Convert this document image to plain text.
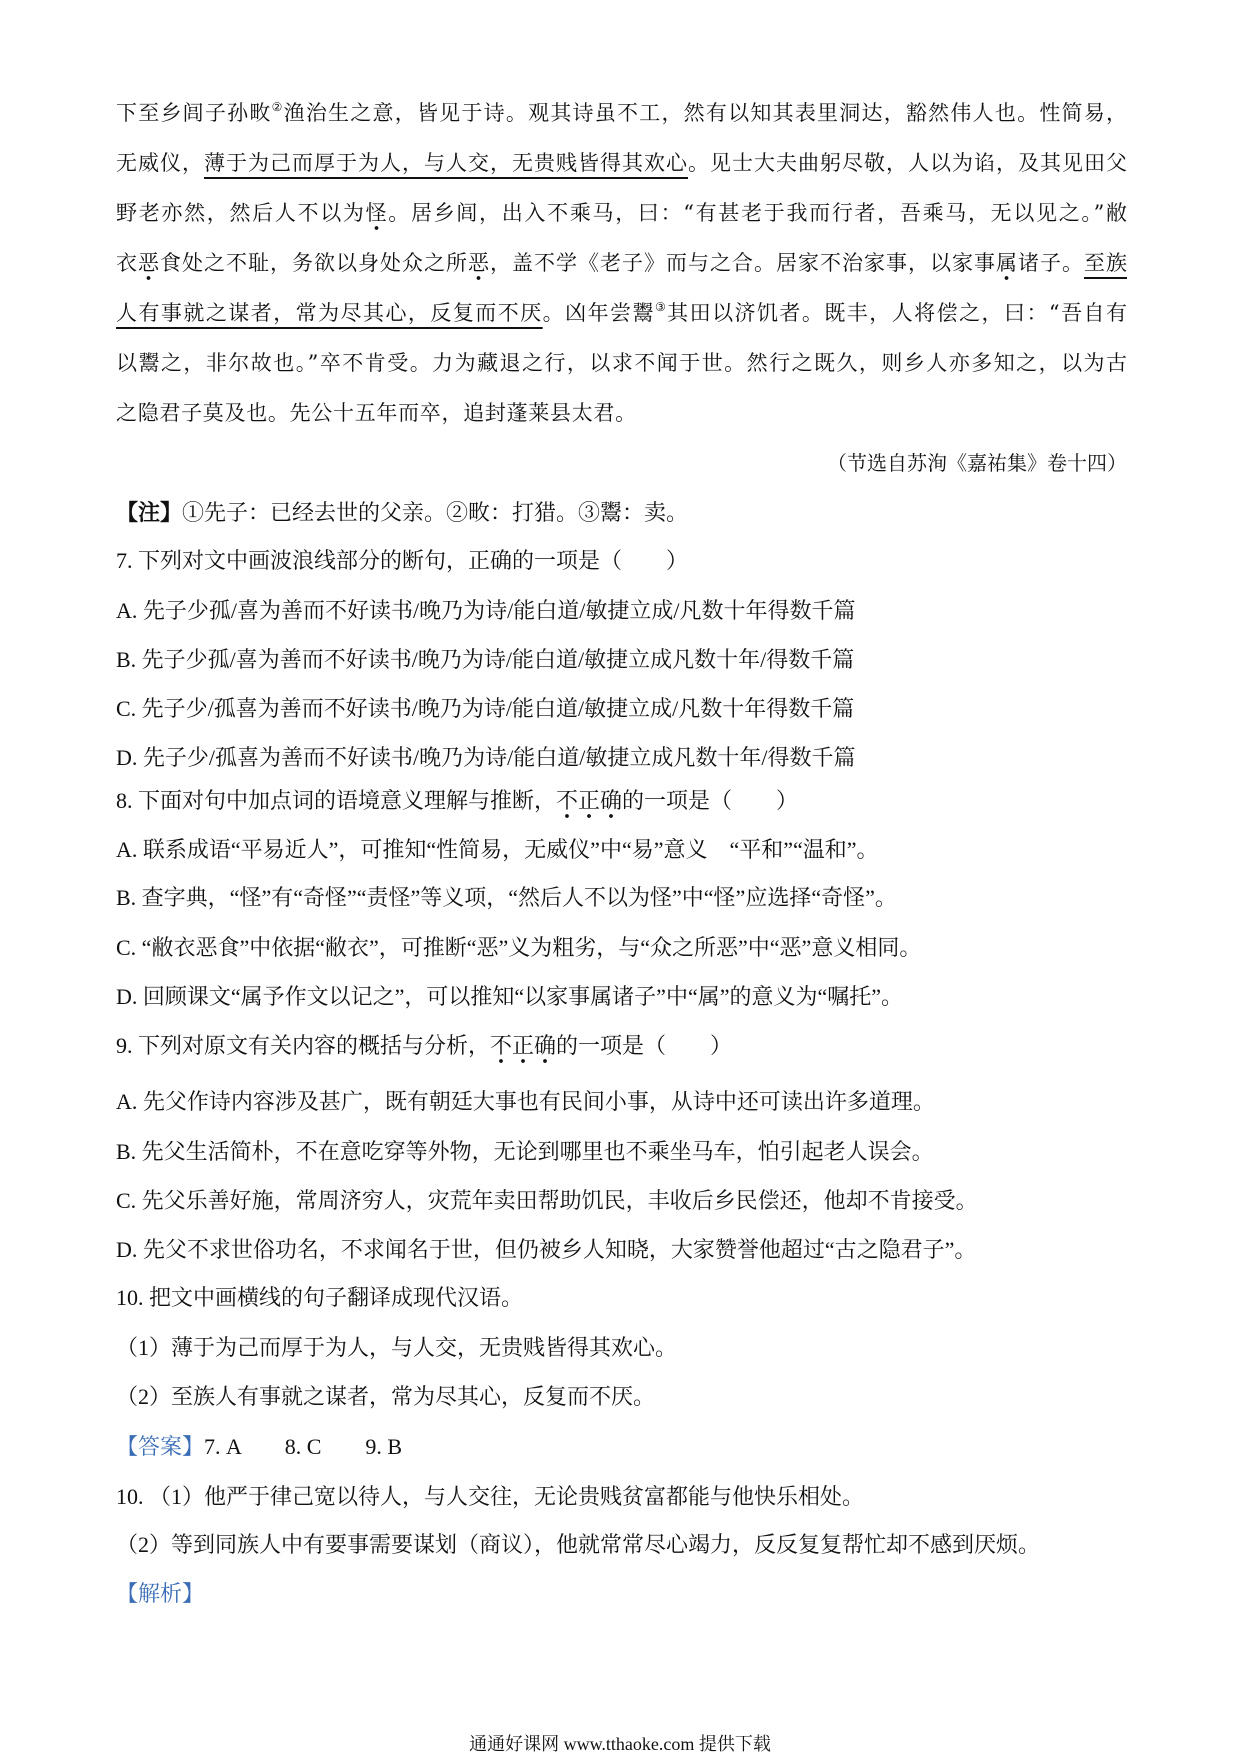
下至乡闾子孙畋②渔治生之意，皆见于诗。观其诗虽不工，然有以知其表里洞达，豁然伟人也。性简易，
无威仪，薄于为己而厚于为人，与人交，无贵贱皆得其欢心。见士大夫曲躬尽敬，人以为谄，及其见田父
野老亦然，然后人不以为怪。居乡闾，出入不乘马，曰：“有甚老于我而行者，吾乘马，无以见之。”敝
衣恶食处之不耻，务欲以身处众之所恶，盖不学《老子》而与之合。居家不治家事，以家事属诸子。至族
人有事就之谋者，常为尽其心，反复而不厌。凶年尝鬻③其田以济饥者。既丰，人将偿之，曰：“吾自有
以鬻之，非尔故也。”卒不肯受。力为藏退之行，以求不闻于世。然行之既久，则乡人亦多知之，以为古
之隐君子莫及也。先公十五年而卒，追封蓬莱县太君。
（节选自苏洵《嘉祐集》卷十四）
【注】①先子：已经去世的父亲。②畋：打猎。③鬻：卖。
7. 下列对文中画波浪线部分的断句，正确的一项是（　　）
A. 先子少孤/喜为善而不好读书/晚乃为诗/能白道/敏捷立成/凡数十年得数千篇
B. 先子少孤/喜为善而不好读书/晚乃为诗/能白道/敏捷立成凡数十年/得数千篇
C. 先子少/孤喜为善而不好读书/晚乃为诗/能白道/敏捷立成/凡数十年得数千篇
D. 先子少/孤喜为善而不好读书/晚乃为诗/能白道/敏捷立成凡数十年/得数千篇
8. 下面对句中加点词的语境意义理解与推断，不正确的一项是（　　）
A. 联系成语“平易近人”，可推知“性简易，无威仪”中“易”意义　“平和”“温和”。
B. 查字典，“怪”有“奇怪”“责怪”等义项，“然后人不以为怪”中“怪”应选择“奇怪”。
C. “敝衣恶食”中依据“敝衣”，可推断“恶”义为粗劣，与“众之所恶”中“恶”意义相同。
D. 回顾课文“属予作文以记之”，可以推知“以家事属诸子”中“属”的意义为“嘱托”。
9. 下列对原文有关内容的概括与分析，不正确的一项是（　　）
A. 先父作诗内容涉及甚广，既有朝廷大事也有民间小事，从诗中还可读出许多道理。
B. 先父生活简朴，不在意吃穿等外物，无论到哪里也不乘坐马车，怕引起老人误会。
C. 先父乐善好施，常周济穷人，灾荒年卖田帮助饥民，丰收后乡民偿还，他却不肯接受。
D. 先父不求世俗功名，不求闻名于世，但仍被乡人知晓，大家赞誉他超过“古之隐君子”。
10. 把文中画横线的句子翻译成现代汉语。
（1）薄于为己而厚于为人，与人交，无贵贱皆得其欢心。
（2）至族人有事就之谋者，常为尽其心，反复而不厌。
【答案】7. A　　8. C　　9. B
10. （1）他严于律己宽以待人，与人交往，无论贵贱贫富都能与他快乐相处。
（2）等到同族人中有要事需要谋划（商议），他就常常尽心竭力，反反复复帮忙却不感到厌烦。
【解析】
通通好课网 www.tthaoke.com 提供下载
